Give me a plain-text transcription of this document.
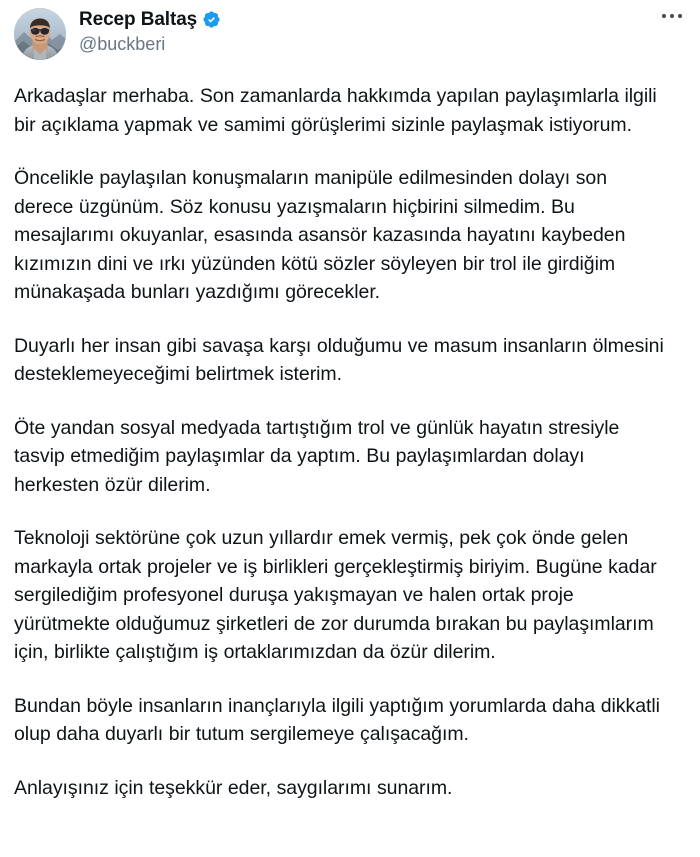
Recep Baltaş
@buckberi

Arkadaşlar merhaba. Son zamanlarda hakkımda yapılan paylaşımlarla ilgili bir açıklama yapmak ve samimi görüşlerimi sizinle paylaşmak istiyorum.

Öncelikle paylaşılan konuşmaların manipüle edilmesinden dolayı son derece üzgünüm. Söz konusu yazışmaların hiçbirini silmedim. Bu mesajlarımı okuyanlar, esasında asansör kazasında hayatını kaybeden kızımızın dini ve ırkı yüzünden kötü sözler söyleyen bir trol ile girdiğim münakaşada bunları yazdığımı görecekler.

Duyarlı her insan gibi savaşa karşı olduğumu ve masum insanların ölmesini desteklemeyeceğimi belirtmek isterim.

Öte yandan sosyal medyada tartıştığım trol ve günlük hayatın stresiyle tasvip etmediğim paylaşımlar da yaptım. Bu paylaşımlardan dolayı herkesten özür dilerim.

Teknoloji sektörüne çok uzun yıllardır emek vermiş, pek çok önde gelen markayla ortak projeler ve iş birlikleri gerçekleştirmiş biriyim. Bugüne kadar sergilediğim profesyonel duruşa yakışmayan ve halen ortak proje yürütmekte olduğumuz şirketleri de zor durumda bırakan bu paylaşımlarım için, birlikte çalıştığım iş ortaklarımızdan da özür dilerim.

Bundan böyle insanların inançlarıyla ilgili yaptığım yorumlarda daha dikkatli olup daha duyarlı bir tutum sergilemeye çalışacağım.

Anlayışınız için teşekkür eder, saygılarımı sunarım.
